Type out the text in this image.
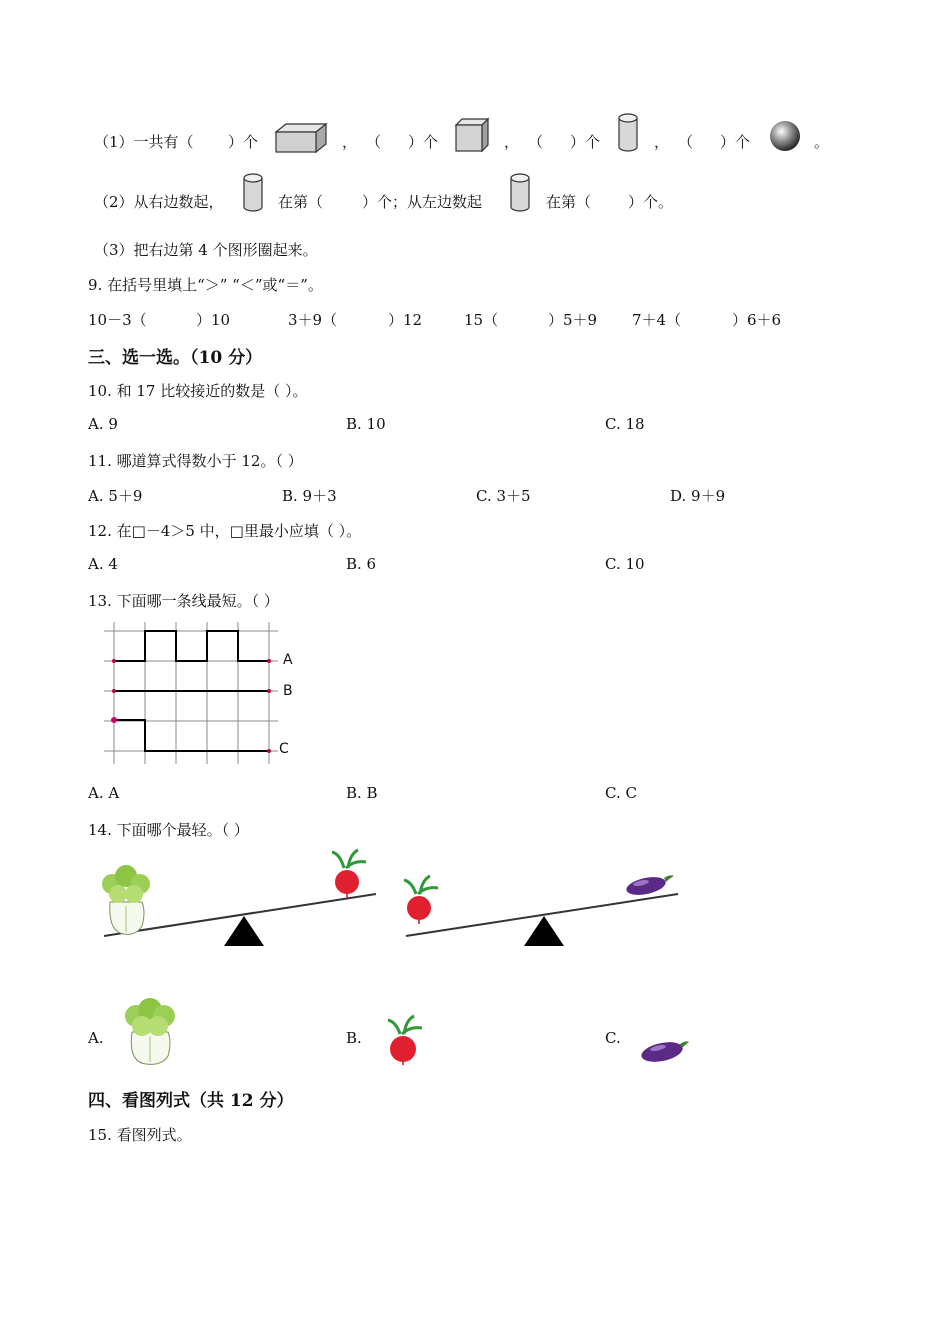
（1）一共有（ ）个	， （ ）个	， （ ）个	， （ ）个	。
（2）从右边数起，	在第（	）个；从左边数起	在第（ ）个。
（3）把右边第 4 个图形圈起来。
9. 在括号里填上“＞” “＜”或“＝”。
10－3（	）10	3＋9（	）12	15（	）5＋9 7＋4（	）6＋6
三、选一选。（10 分）
10. 和 17 比较接近的数是（ ）。
A. 9	B. 10	C. 18
11. 哪道算式得数小于 12。（ ）
A. 5＋9	B. 9＋3	C. 3＋5	D. 9＋9
12. 在□－4＞5 中，□里最小应填（ ）。
A. 4	B. 6	C. 10
13. 下面哪一条线最短。（ ）
A
B
C
A. A	B. B	C. C
14. 下面哪个最轻。（ ）
A.	B.	C.
四、看图列式（共 12 分）
15. 看图列式。
